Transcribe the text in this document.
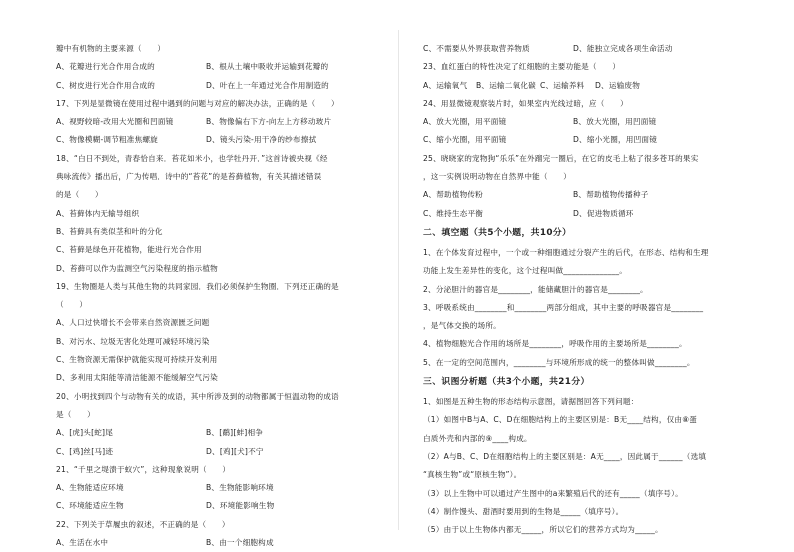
瓣中有机物的主要来源（　　）
A、花瓣进行光合作用合成的	B、根从土壤中吸收并运输到花瓣的
C、树皮进行光合作用合成的	D、叶在上一年通过光合作用制造的
17、下列是显微镜在使用过程中遇到的问题与对应的解决办法，正确的是（　　）
A、视野较暗-改用大光圈和凹面镜	B、物像偏右下方-向左上方移动玻片
C、物像模糊-调节粗准焦螺旋	D、镜头污染-用干净的纱布擦拭
18、“白日不到处，青春恰自来．苔花如米小，也学牡丹开．”这首诗被央视《经
典咏流传》播出后，广为传唱．诗中的“苔花”的是苔藓植物，有关其描述错误
的是（　　）
A、苔藓体内无输导组织
B、苔藓具有类似茎和叶的分化
C、苔藓是绿色开花植物，能进行光合作用
D、苔藓可以作为监测空气污染程度的指示植物
19、生物圈是人类与其他生物的共同家园．我们必须保护生物圈．下列还正确的是
（　　）
A、人口过快增长不会带来自然资源匮乏问题
B、对污水、垃圾无害化处理可减轻环境污染
C、生物资源无需保护就能实现可持续开发利用
D、多利用太阳能等清洁能源不能缓解空气污染
20、小明找到四个与动物有关的成语，其中所涉及到的动物都属于恒温动物的成语
是（　　）
A、[虎]头[蛇]尾	B、[鹬][蚌]相争
C、[鸡]丝[马]迹	D、[鸡][犬]不宁
21、“千里之堤溃于蚁穴”，这种现象说明（　　）
A、生物能适应环境	B、生物能影响环境
C、环境能适应生物	D、环境能影响生物
22、下列关于草履虫的叙述，不正确的是（　　）
A、生活在水中	B、由一个细胞构成
C、不需要从外界获取营养物质	D、能独立完成各项生命活动
23、血红蛋白的特性决定了红细胞的主要功能是（　　）
A、运输氧气 B、运输二氧化碳 C、运输养料 D、运输废物
24、用显微镜观察装片时，如果室内光线过暗，应（　　）
A、放大光圈，用平面镜	B、放大光圈，用凹面镜
C、缩小光圈，用平面镜	D、缩小光圈，用凹面镜
25、晓晓家的宠物狗“乐乐”在外蹓完一圈后，在它的皮毛上粘了很多苍耳的果实
，这一实例说明动物在自然界中能（　　）
A、帮助植物传粉	B、帮助植物传播种子
C、维持生态平衡	D、促进物质循环
二、填空题（共5个小题，共10分）
1、在个体发育过程中，一个或一种细胞通过分裂产生的后代，在形态、结构和生理
功能上发生差异性的变化，这个过程叫做______________。
2、分泌胆汁的器官是________，能储藏胆汁的器官是________。
3、呼吸系统由________和________两部分组成，其中主要的呼吸器官是________
，是气体交换的场所。
4、植物细胞光合作用的场所是________，呼吸作用的主要场所是________。
5、在一定的空间范围内，________与环境所形成的统一的整体叫做________。
三、识图分析题（共3个小题，共21分）
1、如图是五种生物的形态结构示意图，请据图回答下列问题：
（1）如图中B与A、C、D在细胞结构上的主要区别是：B无____结构，仅由⑧蛋
白质外壳和内部的⑨____构成。
（2）A与B、C、D在细胞结构上的主要区别是：A无____，因此属于______（选填
“真核生物”或“原核生物”）。
（3）以上生物中可以通过产生图中的a来繁殖后代的还有_____（填序号）。
（4）制作馒头、甜酒时要用到的生物是_____（填序号）。
（5）由于以上生物体内都无_____，所以它们的营养方式均为_____。
